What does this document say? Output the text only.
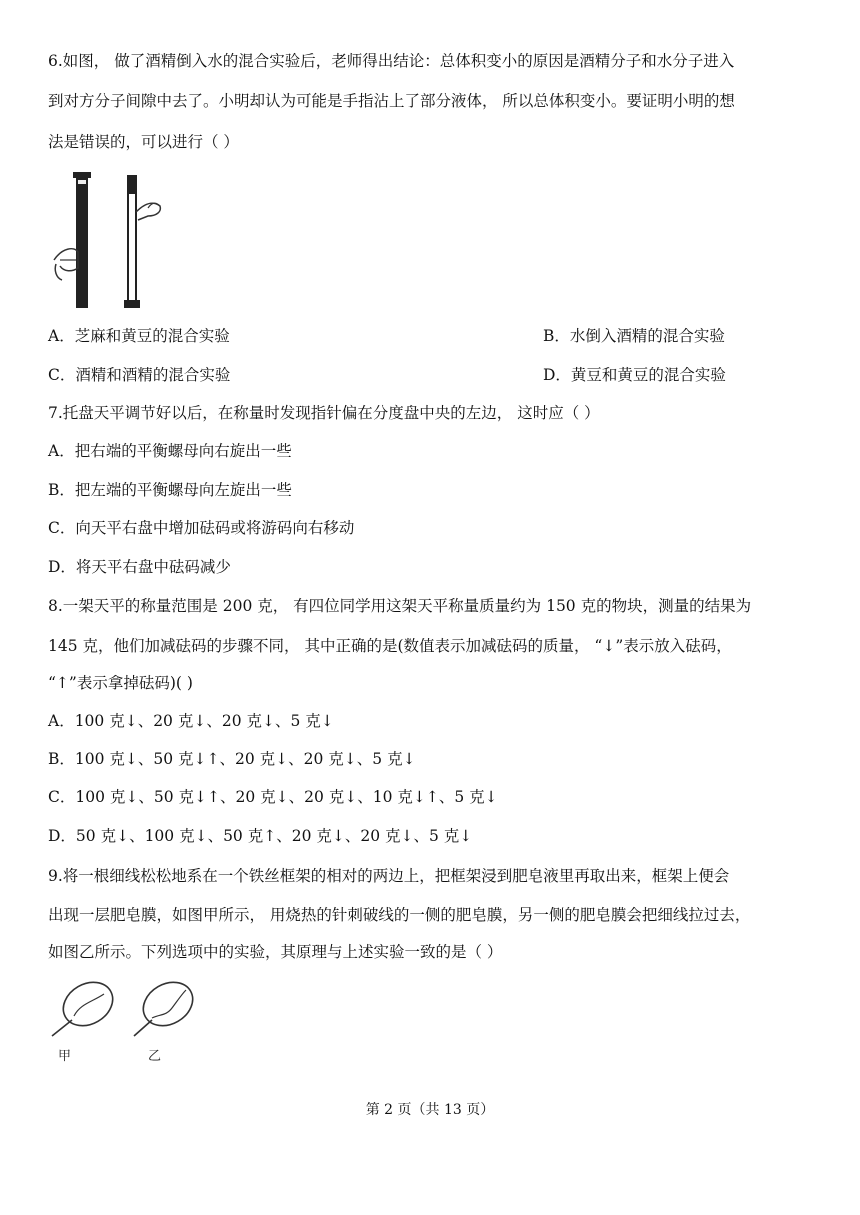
6.如图， 做了酒精倒入水的混合实验后，老师得出结论：总体积变小的原因是酒精分子和水分子进入
到对方分子间隙中去了。小明却认为可能是手指沾上了部分液体， 所以总体积变小。要证明小明的想
法是错误的，可以进行（ ）
A．芝麻和黄豆的混合实验	B．水倒入酒精的混合实验
C．酒精和酒精的混合实验	D．黄豆和黄豆的混合实验
7.托盘天平调节好以后，在称量时发现指针偏在分度盘中央的左边， 这时应（ ）
A．把右端的平衡螺母向右旋出一些
B．把左端的平衡螺母向左旋出一些
C．向天平右盘中增加砝码或将游码向右移动
D．将天平右盘中砝码减少
8.一架天平的称量范围是 200 克， 有四位同学用这架天平称量质量约为 150 克的物块，测量的结果为
145 克，他们加减砝码的步骤不同， 其中正确的是(数值表示加减砝码的质量， “↓”表示放入砝码，
“↑”表示拿掉砝码)( )
A．100 克↓、20 克↓、20 克↓、5 克↓
B．100 克↓、50 克↓↑、20 克↓、20 克↓、5 克↓
C．100 克↓、50 克↓↑、20 克↓、20 克↓、10 克↓↑、5 克↓
D．50 克↓、100 克↓、50 克↑、20 克↓、20 克↓、5 克↓
9.将一根细线松松地系在一个铁丝框架的相对的两边上，把框架浸到肥皂液里再取出来，框架上便会
出现一层肥皂膜，如图甲所示， 用烧热的针刺破线的一侧的肥皂膜，另一侧的肥皂膜会把细线拉过去，
如图乙所示。下列选项中的实验，其原理与上述实验一致的是（ ）
甲	乙
第 2 页（共 13 页）
